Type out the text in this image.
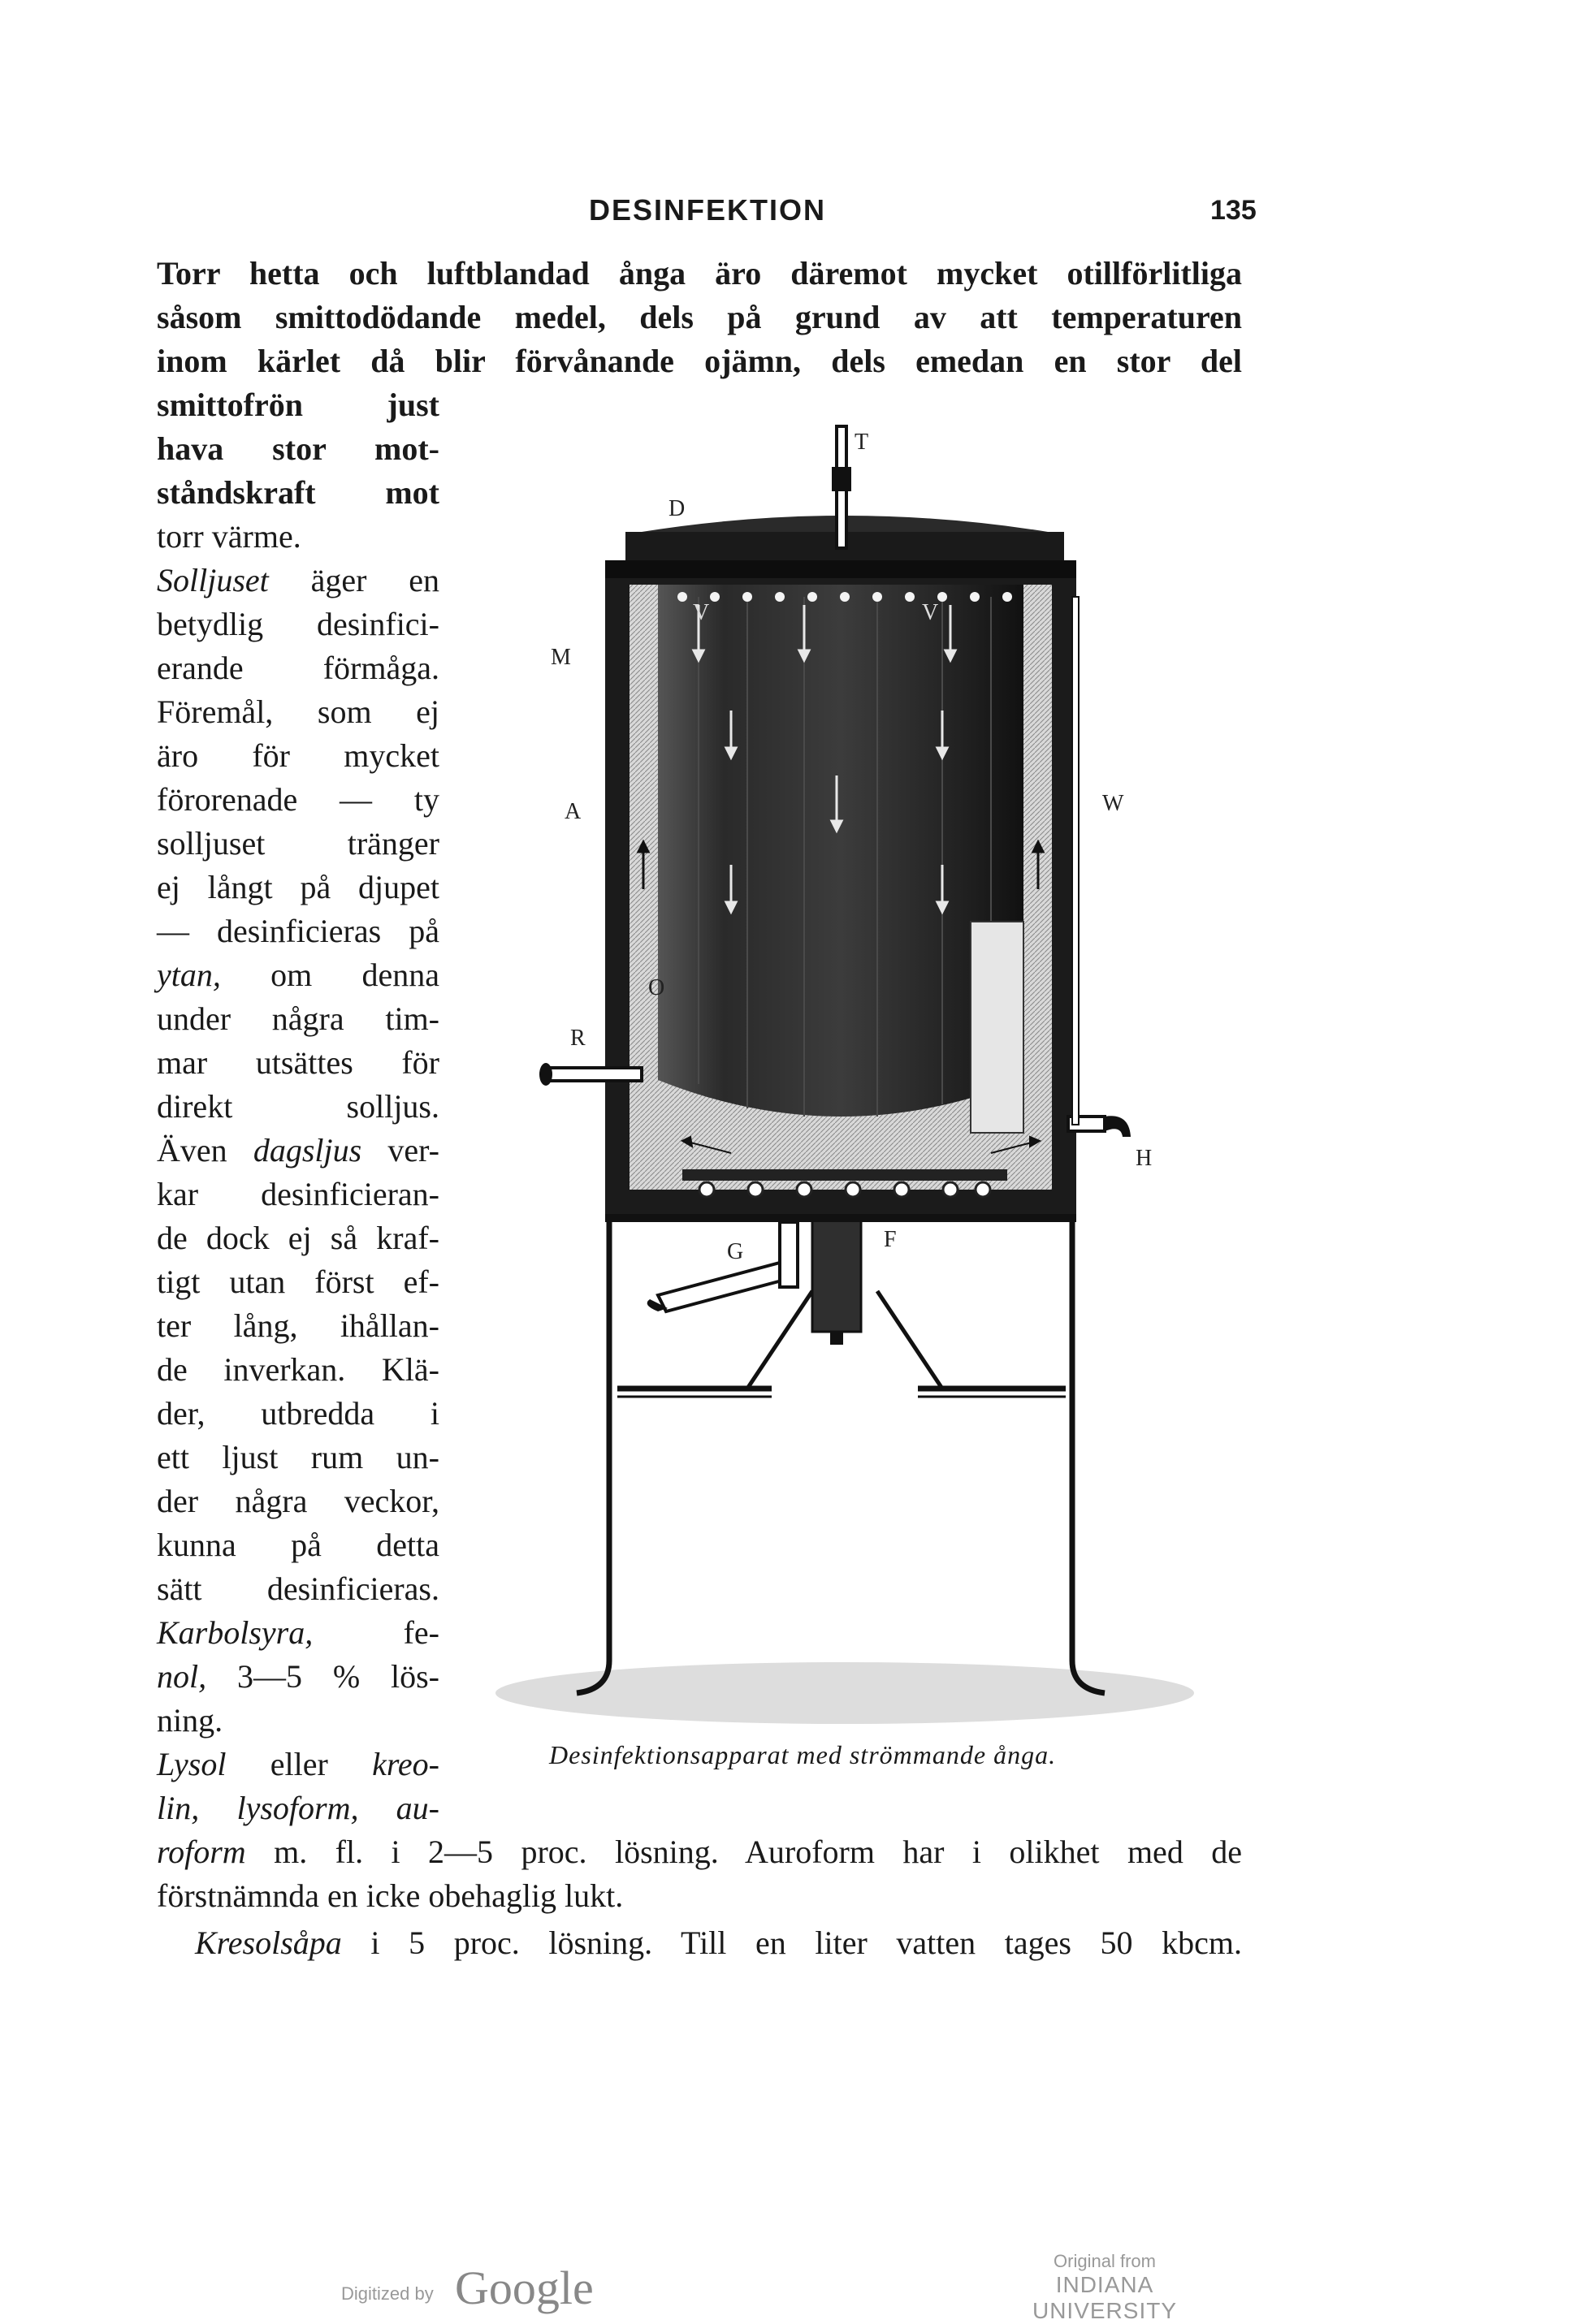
DESINFEKTION	135
Torr hetta och luftblandad ånga äro däremot mycket otillförlitliga
såsom smittodödande medel, dels på grund av att temperaturen
inom kärlet då blir förvånande ojämn, dels emedan en stor del
smittofrön just
hava stor mot-
ståndskraft mot
torr värme.
Solljuset äger en
betydlig desinfici-
erande förmåga.
Föremål, som ej
äro för mycket
förorenade — ty
solljuset tränger
ej långt på djupet
— desinficieras på
ytan, om denna
under några tim-
mar utsättes för
direkt solljus.
Även dagsljus ver-
kar desinficieran-
de dock ej så kraf-
tigt utan först ef-
ter lång, ihållan-
de inverkan. Klä-
der, utbredda i
ett ljust rum un-
der några veckor,
kunna på detta
sätt desinficieras.
Karbolsyra, fe-
nol, 3—5 % lös-
ning.
Lysol eller kreo-
lin, lysoform, au-
roform m. fl. i 2—5 proc. lösning. Auroform har i olikhet med de
förstnämnda en icke obehaglig lukt.
Kresolsåpa i 5 proc. lösning. Till en liter vatten tages 50 kbcm.
T
D
V	V
M
A	W
O
R
H
G	F
Desinfektionsapparat med strömmande ånga.
Digitized by Google
Original from
INDIANA UNIVERSITY
